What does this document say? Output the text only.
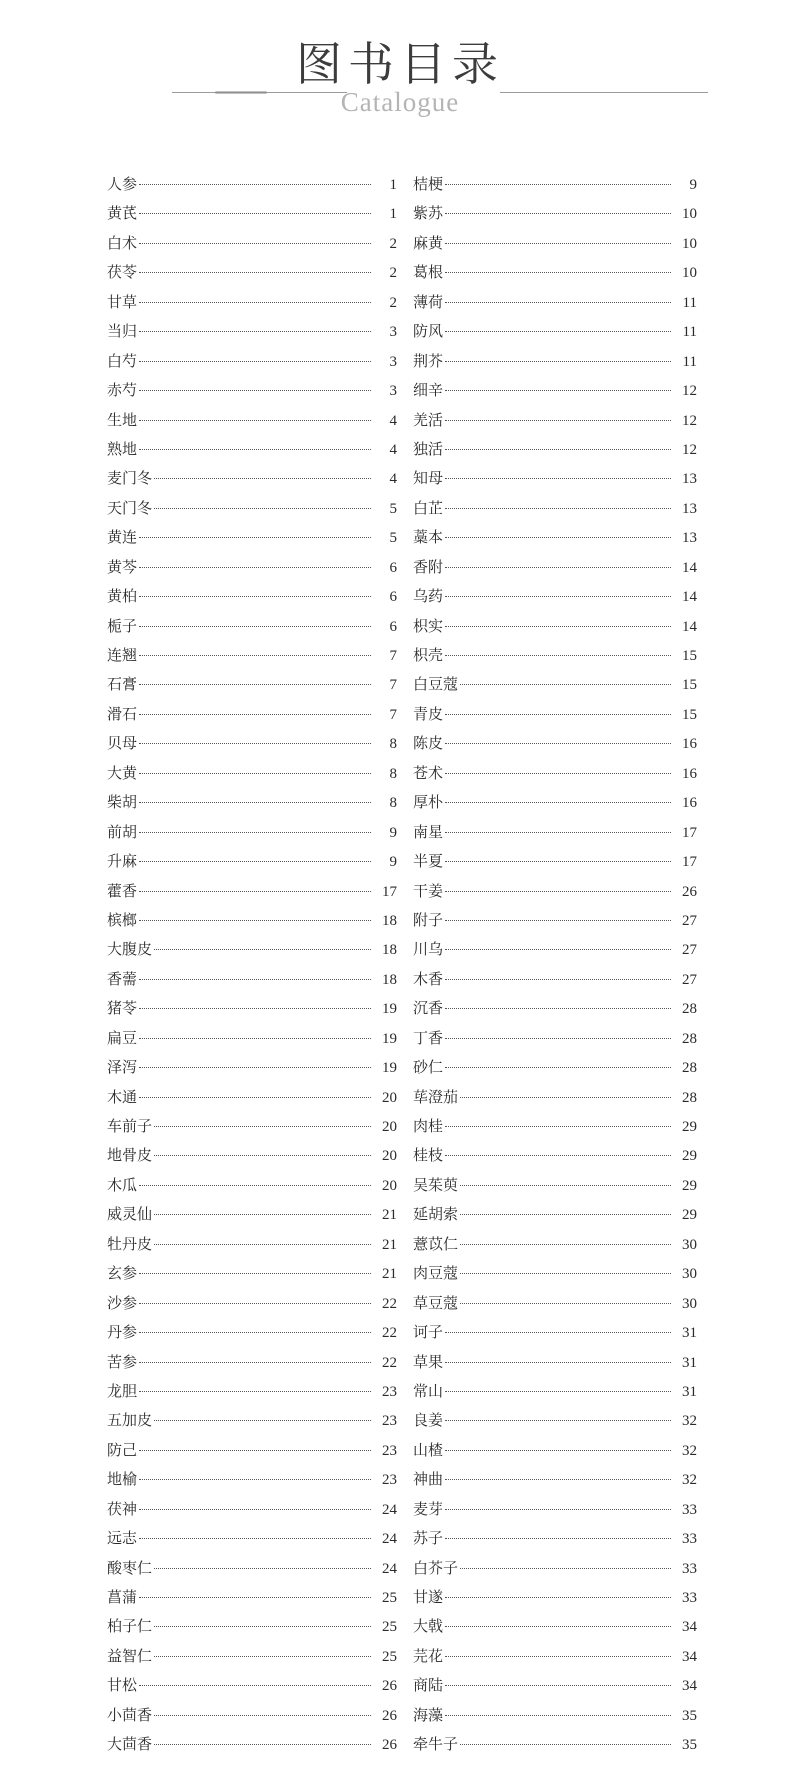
图书目录
Catalogue
人参	1
黄芪	1
白术	2
茯苓	2
甘草	2
当归	3
白芍	3
赤芍	3
生地	4
熟地	4
麦门冬	4
天门冬	5
黄连	5
黄芩	6
黄柏	6
栀子	6
连翘	7
石膏	7
滑石	7
贝母	8
大黄	8
柴胡	8
前胡	9
升麻	9
藿香	17
槟榔	18
大腹皮	18
香薷	18
猪苓	19
扁豆	19
泽泻	19
木通	20
车前子	20
地骨皮	20
木瓜	20
威灵仙	21
牡丹皮	21
玄参	21
沙参	22
丹参	22
苦参	22
龙胆	23
五加皮	23
防己	23
地榆	23
茯神	24
远志	24
酸枣仁	24
菖蒲	25
柏子仁	25
益智仁	25
甘松	26
小茴香	26
大茴香	26
桔梗	9
紫苏	10
麻黄	10
葛根	10
薄荷	11
防风	11
荆芥	11
细辛	12
羌活	12
独活	12
知母	13
白芷	13
藁本	13
香附	14
乌药	14
枳实	14
枳壳	15
白豆蔻	15
青皮	15
陈皮	16
苍术	16
厚朴	16
南星	17
半夏	17
干姜	26
附子	27
川乌	27
木香	27
沉香	28
丁香	28
砂仁	28
荜澄茄	28
肉桂	29
桂枝	29
吴茱萸	29
延胡索	29
薏苡仁	30
肉豆蔻	30
草豆蔻	30
诃子	31
草果	31
常山	31
良姜	32
山楂	32
神曲	32
麦芽	33
苏子	33
白芥子	33
甘遂	33
大戟	34
芫花	34
商陆	34
海藻	35
牵牛子	35
